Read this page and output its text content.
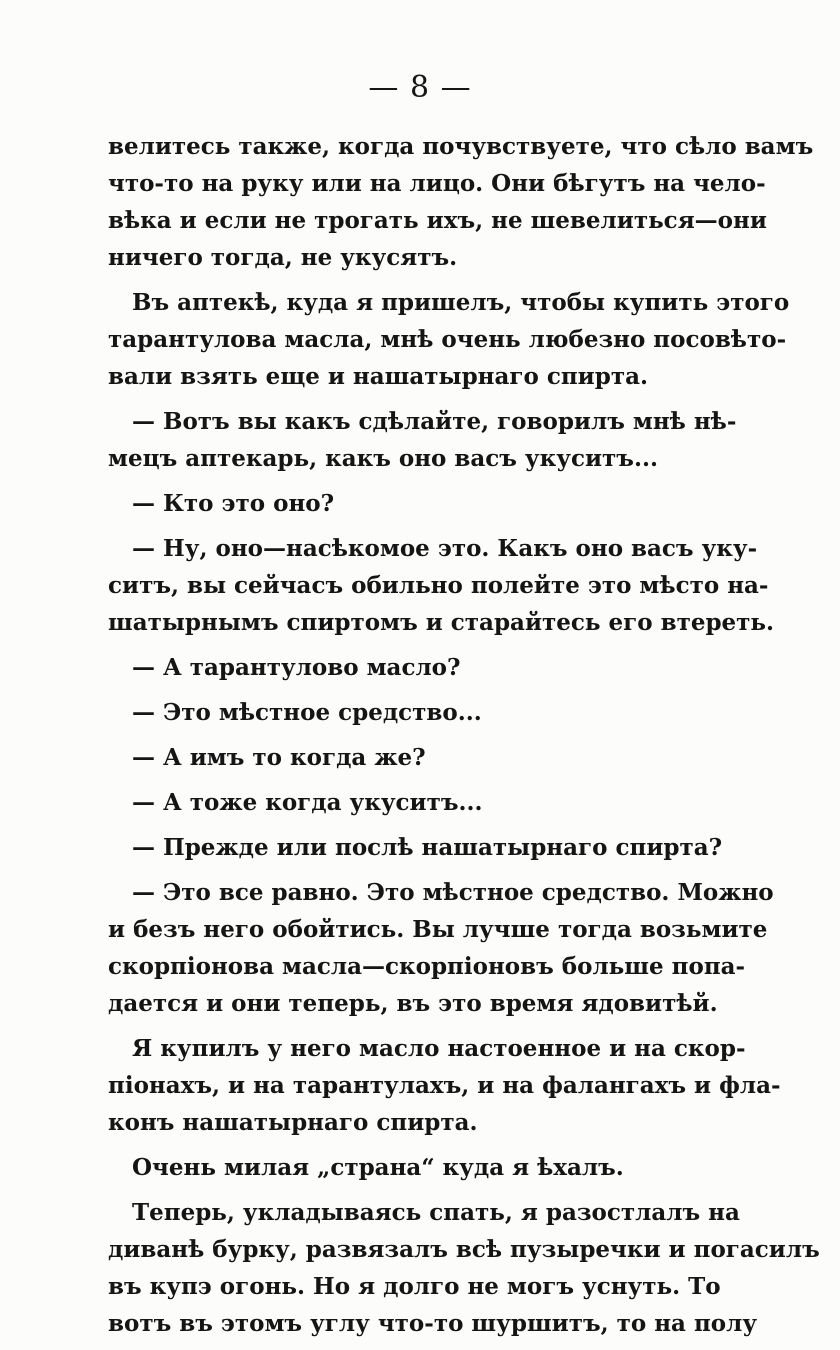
— 8 —
велитесь также, когда почувствуете, что сѣло вамъ
что-то на руку или на лицо. Они бѣгутъ на чело-
вѣка и если не трогать ихъ, не шевелиться—они
ничего тогда, не укусятъ.
Въ аптекѣ, куда я пришелъ, чтобы купить этого
тарантулова масла, мнѣ очень любезно посовѣто-
вали взять еще и нашатырнаго спирта.
— Вотъ вы какъ сдѣлайте, говорилъ мнѣ нѣ-
мецъ аптекарь, какъ оно васъ укуситъ...
— Кто это оно?
— Ну, оно—насѣкомое это. Какъ оно васъ уку-
ситъ, вы сейчасъ обильно полейте это мѣсто на-
шатырнымъ спиртомъ и старайтесь его втереть.
— А тарантулово масло?
— Это мѣстное средство...
— А имъ то когда же?
— А тоже когда укуситъ...
— Прежде или послѣ нашатырнаго спирта?
— Это все равно. Это мѣстное средство. Можно
и безъ него обойтись. Вы лучше тогда возьмите
скорпіонова масла—скорпіоновъ больше попа-
дается и они теперь, въ это время ядовитѣй.
Я купилъ у него масло настоенное и на скор-
піонахъ, и на тарантулахъ, и на фалангахъ и фла-
конъ нашатырнаго спирта.
Очень милая „страна“ куда я ѣхалъ.
Теперь, укладываясь спать, я разостлалъ на
диванѣ бурку, развязалъ всѣ пузыречки и погасилъ
въ купэ огонь. Но я долго не могъ уснуть. То
вотъ въ этомъ углу что-то шуршитъ, то на полу
